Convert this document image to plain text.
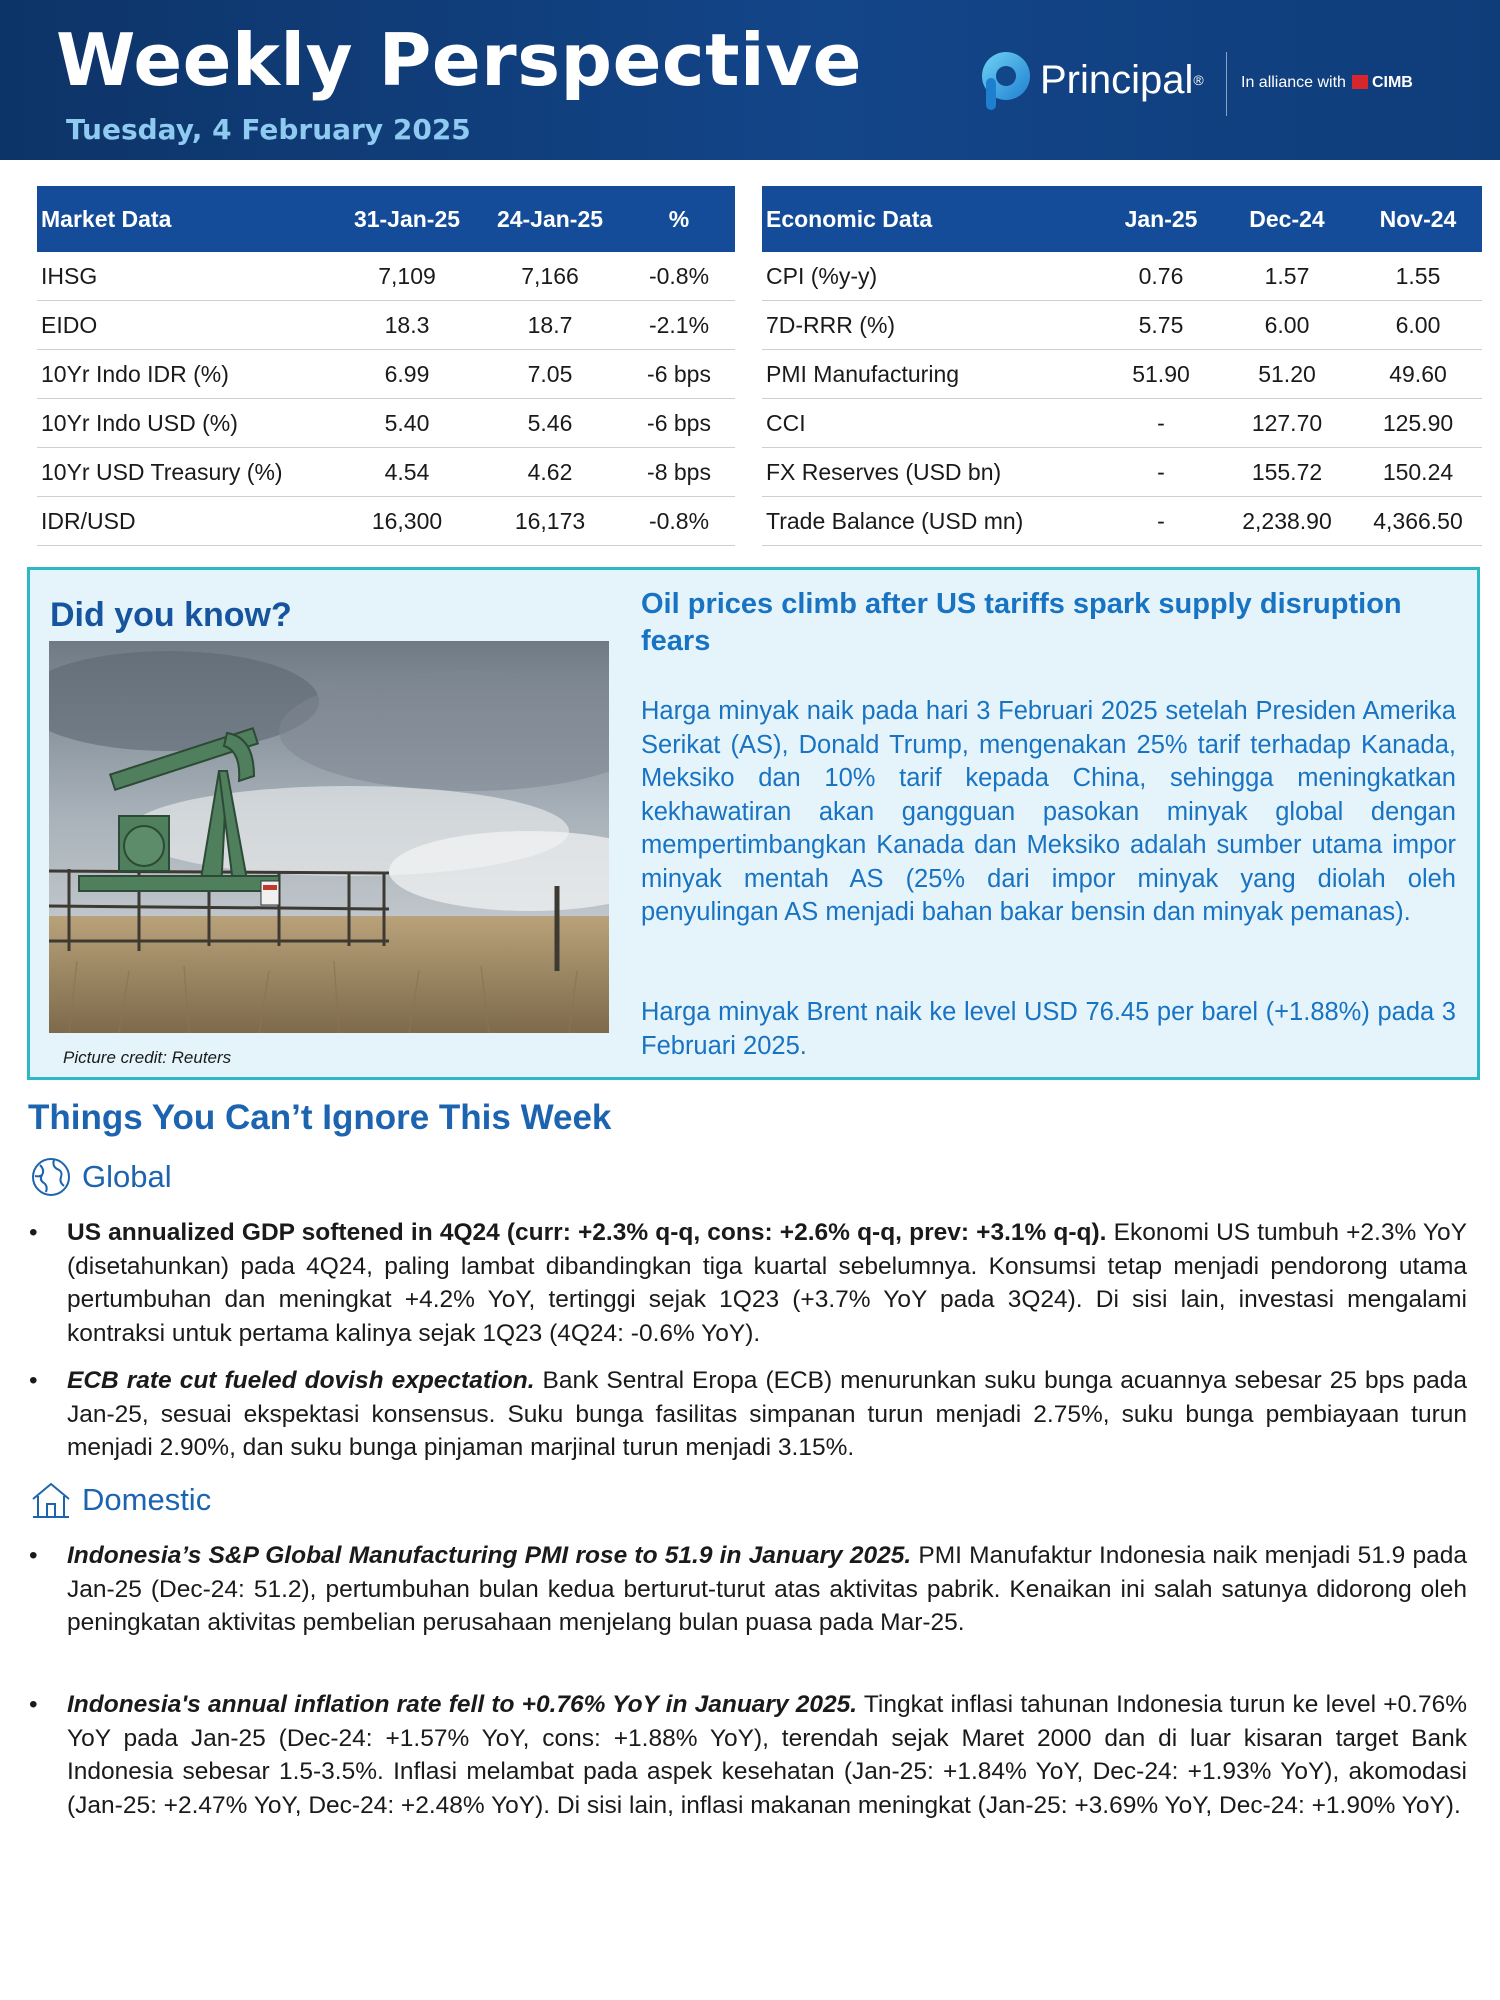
Weekly Perspective
Tuesday, 4 February 2025
Principal® In alliance with CIMB
Market Data	31-Jan-25	24-Jan-25	%
IHSG	7,109	7,166	-0.8%
EIDO	18.3	18.7	-2.1%
10Yr Indo IDR (%)	6.99	7.05	-6 bps
10Yr Indo USD (%)	5.40	5.46	-6 bps
10Yr USD Treasury (%)	4.54	4.62	-8 bps
IDR/USD	16,300	16,173	-0.8%
Economic Data	Jan-25	Dec-24	Nov-24
CPI (%y-y)	0.76	1.57	1.55
7D-RRR (%)	5.75	6.00	6.00
PMI Manufacturing	51.90	51.20	49.60
CCI	-	127.70	125.90
FX Reserves (USD bn)	-	155.72	150.24
Trade Balance (USD mn)	-	2,238.90	4,366.50
Did you know?
Picture credit: Reuters
Oil prices climb after US tariffs spark supply disruption fears

Harga minyak naik pada hari 3 Februari 2025 setelah Presiden Amerika Serikat (AS), Donald Trump, mengenakan 25% tarif terhadap Kanada, Meksiko dan 10% tarif kepada China, sehingga meningkatkan kekhawatiran akan gangguan pasokan minyak global dengan mempertimbangkan Kanada dan Meksiko adalah sumber utama impor minyak mentah AS (25% dari impor minyak yang diolah oleh penyulingan AS menjadi bahan bakar bensin dan minyak pemanas).

Harga minyak Brent naik ke level USD 76.45 per barel (+1.88%) pada 3 Februari 2025.

Things You Can’t Ignore This Week
Global
•	US annualized GDP softened in 4Q24 (curr: +2.3% q-q, cons: +2.6% q-q, prev: +3.1% q-q). Ekonomi US tumbuh +2.3% YoY (disetahunkan) pada 4Q24, paling lambat dibandingkan tiga kuartal sebelumnya. Konsumsi tetap menjadi pendorong utama pertumbuhan dan meningkat +4.2% YoY, tertinggi sejak 1Q23 (+3.7% YoY pada 3Q24). Di sisi lain, investasi mengalami kontraksi untuk pertama kalinya sejak 1Q23 (4Q24: -0.6% YoY).
•	ECB rate cut fueled dovish expectation. Bank Sentral Eropa (ECB) menurunkan suku bunga acuannya sebesar 25 bps pada Jan-25, sesuai ekspektasi konsensus. Suku bunga fasilitas simpanan turun menjadi 2.75%, suku bunga pembiayaan turun menjadi 2.90%, dan suku bunga pinjaman marjinal turun menjadi 3.15%.
Domestic
•	Indonesia’s S&P Global Manufacturing PMI rose to 51.9 in January 2025. PMI Manufaktur Indonesia naik menjadi 51.9 pada Jan-25 (Dec-24: 51.2), pertumbuhan bulan kedua berturut-turut atas aktivitas pabrik. Kenaikan ini salah satunya didorong oleh peningkatan aktivitas pembelian perusahaan menjelang bulan puasa pada Mar-25.
•	Indonesia's annual inflation rate fell to +0.76% YoY in January 2025. Tingkat inflasi tahunan Indonesia turun ke level +0.76% YoY pada Jan-25 (Dec-24: +1.57% YoY, cons: +1.88% YoY), terendah sejak Maret 2000 dan di luar kisaran target Bank Indonesia sebesar 1.5-3.5%. Inflasi melambat pada aspek kesehatan (Jan-25: +1.84% YoY, Dec-24: +1.93% YoY), akomodasi (Jan-25: +2.47% YoY, Dec-24: +2.48% YoY). Di sisi lain, inflasi makanan meningkat (Jan-25: +3.69% YoY, Dec-24: +1.90% YoY).
